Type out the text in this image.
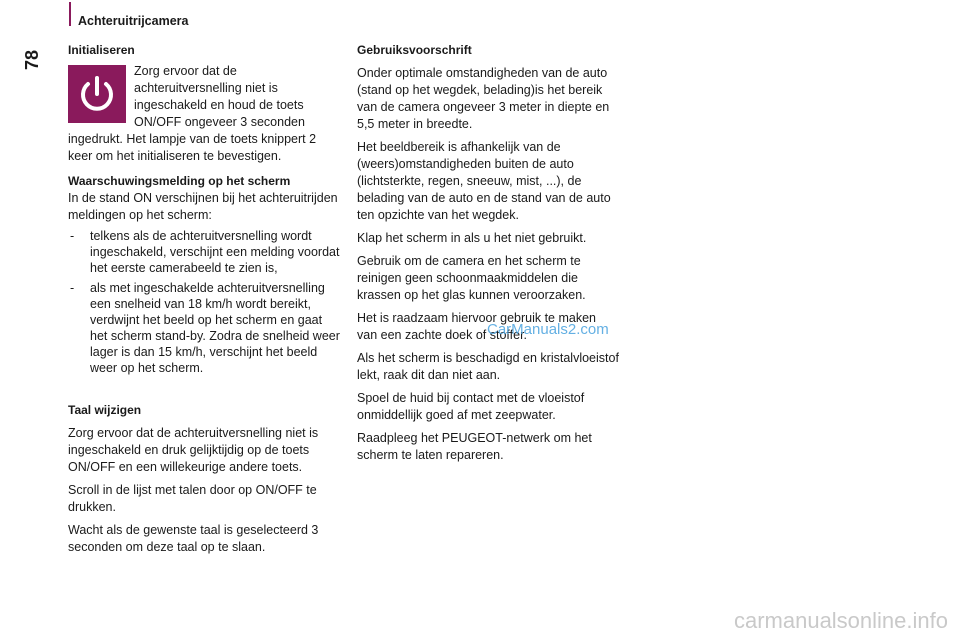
Achteruitrijcamera
78 Initialiseren

Zorg ervoor dat de achteruitversnelling niet is ingeschakeld en houd de toets ON/OFF ongeveer 3 seconden ingedrukt. Het lampje van de toets knippert 2 keer om het initialiseren te bevestigen.

Waarschuwingsmelding op het scherm

In de stand ON verschijnen bij het achteruitrijden meldingen op het scherm:

- telkens als de achteruitversnelling wordt ingeschakeld, verschijnt een melding voordat het eerste camerabeeld te zien is,
- als met ingeschakelde achteruitversnelling een snelheid van 18 km/h wordt bereikt, verdwijnt het beeld op het scherm en gaat het scherm stand-by. Zodra de snelheid weer lager is dan 15 km/h, verschijnt het beeld weer op het scherm.
Taal wijzigen

Zorg ervoor dat de achteruitversnelling niet is ingeschakeld en druk gelijktijdig op de toets ON/OFF en een willekeurige andere toets.

Scroll in de lijst met talen door op ON/OFF te drukken.

Wacht als de gewenste taal is geselecteerd 3 seconden om deze taal op te slaan.

Gebruiksvoorschrift

Onder optimale omstandigheden van de auto (stand op het wegdek, belading)is het bereik van de camera ongeveer 3 meter in diepte en 5,5 meter in breedte.

Het beeldbereik is afhankelijk van de (weers)omstandigheden buiten de auto (lichtsterkte, regen, sneeuw, mist, ...), de belading van de auto en de stand van de auto ten opzichte van het wegdek.

Klap het scherm in als u het niet gebruikt.

Gebruik om de camera en het scherm te reinigen geen schoonmaakmiddelen die krassen op het glas kunnen veroorzaken.

Het is raadzaam hiervoor gebruik te maken van een zachte doek of stoffer.

Als het scherm is beschadigd en kristalvloeistof lekt, raak dit dan niet aan.

Spoel de huid bij contact met de vloeistof onmiddellijk goed af met zeepwater.

Raadpleeg het PEUGEOT-netwerk om het scherm te laten repareren.

CarManuals2.com
carmanualsonline.info
